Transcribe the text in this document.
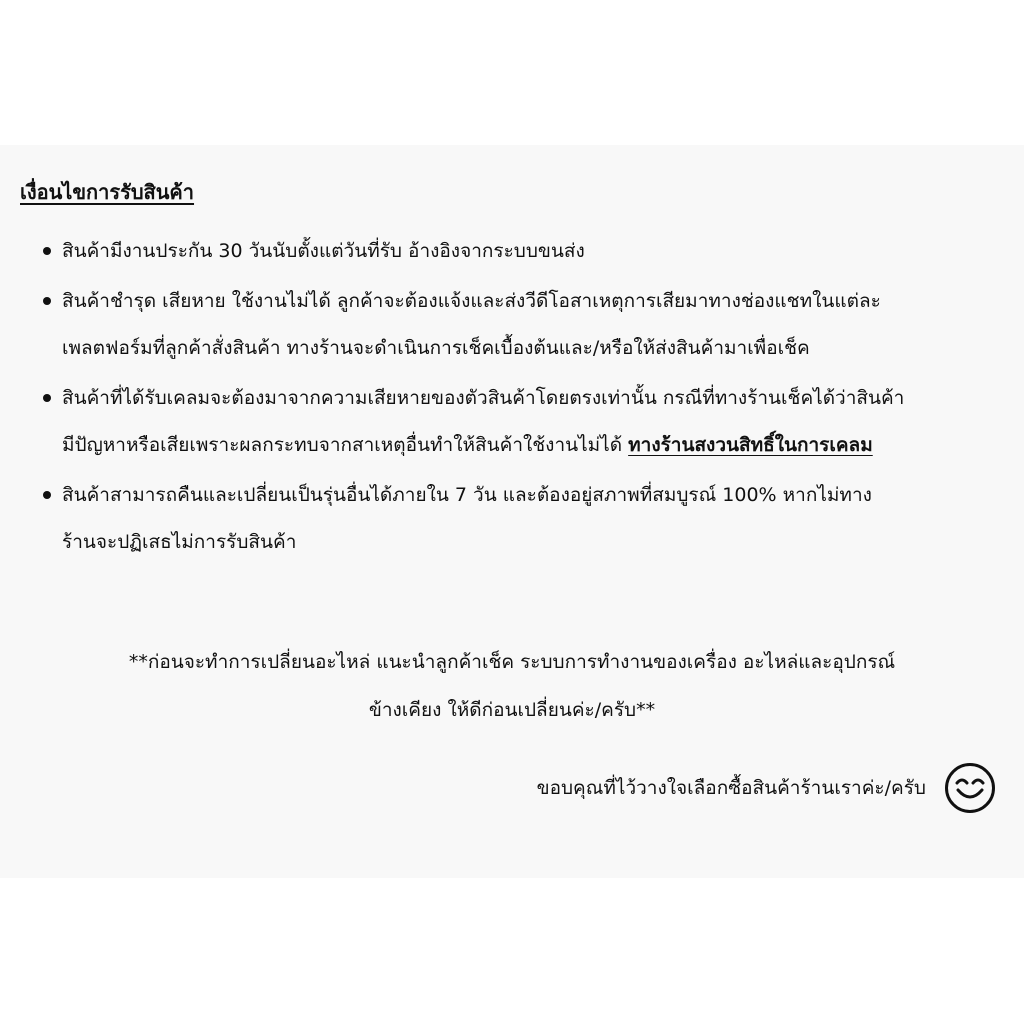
เงื่อนไขการรับสินค้า
สินค้ามีงานประกัน 30 วันนับตั้งแต่วันที่รับ อ้างอิงจากระบบขนส่ง
สินค้าชำรุด เสียหาย ใช้งานไม่ได้ ลูกค้าจะต้องแจ้งและส่งวีดีโอสาเหตุการเสียมาทางช่องแชทในแต่ละ
เพลตฟอร์มที่ลูกค้าสั่งสินค้า ทางร้านจะดำเนินการเช็คเบื้องต้นและ/หรือให้ส่งสินค้ามาเพื่อเช็ค
สินค้าที่ได้รับเคลมจะต้องมาจากความเสียหายของตัวสินค้าโดยตรงเท่านั้น กรณีที่ทางร้านเช็คได้ว่าสินค้า
มีปัญหาหรือเสียเพราะผลกระทบจากสาเหตุอื่นทำให้สินค้าใช้งานไม่ได้ ทางร้านสงวนสิทธิ์ในการเคลม
สินค้าสามารถคืนและเปลี่ยนเป็นรุ่นอื่นได้ภายใน 7 วัน และต้องอยู่สภาพที่สมบูรณ์ 100% หากไม่ทาง
ร้านจะปฏิเสธไม่การรับสินค้า
**ก่อนจะทำการเปลี่ยนอะไหล่ แนะนำลูกค้าเช็ค ระบบการทำงานของเครื่อง อะไหล่และอุปกรณ์
ข้างเคียง ให้ดีก่อนเปลี่ยนค่ะ/ครับ**
ขอบคุณที่ไว้วางใจเลือกซื้อสินค้าร้านเราค่ะ/ครับ
